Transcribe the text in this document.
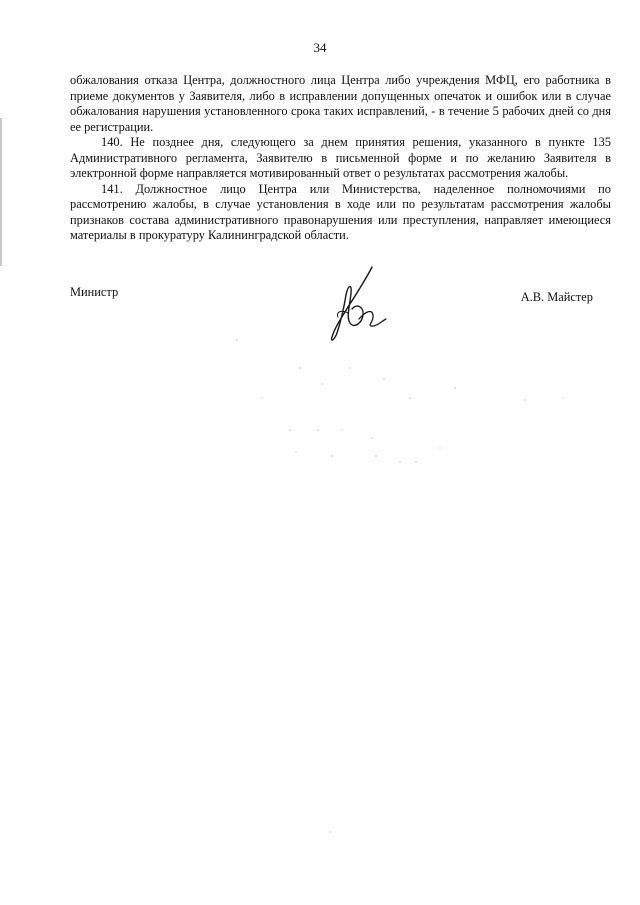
34

обжалования отказа Центра, должностного лица Центра либо учреждения МФЦ, его работника в приеме документов у Заявителя, либо в исправлении допущенных опечаток и ошибок или в случае обжалования нарушения установленного срока таких исправлений, - в течение 5 рабочих дней со дня ее регистрации.

140. Не позднее дня, следующего за днем принятия решения, указанного в пункте 135 Административного регламента, Заявителю в письменной форме и по желанию Заявителя в электронной форме направляется мотивированный ответ о результатах рассмотрения жалобы.

141. Должностное лицо Центра или Министерства, наделенное полномочиями по рассмотрению жалобы, в случае установления в ходе или по результатам рассмотрения жалобы признаков состава административного правонарушения или преступления, направляет имеющиеся материалы в прокуратуру Калининградской области.

Министр	А.В. Майстер
